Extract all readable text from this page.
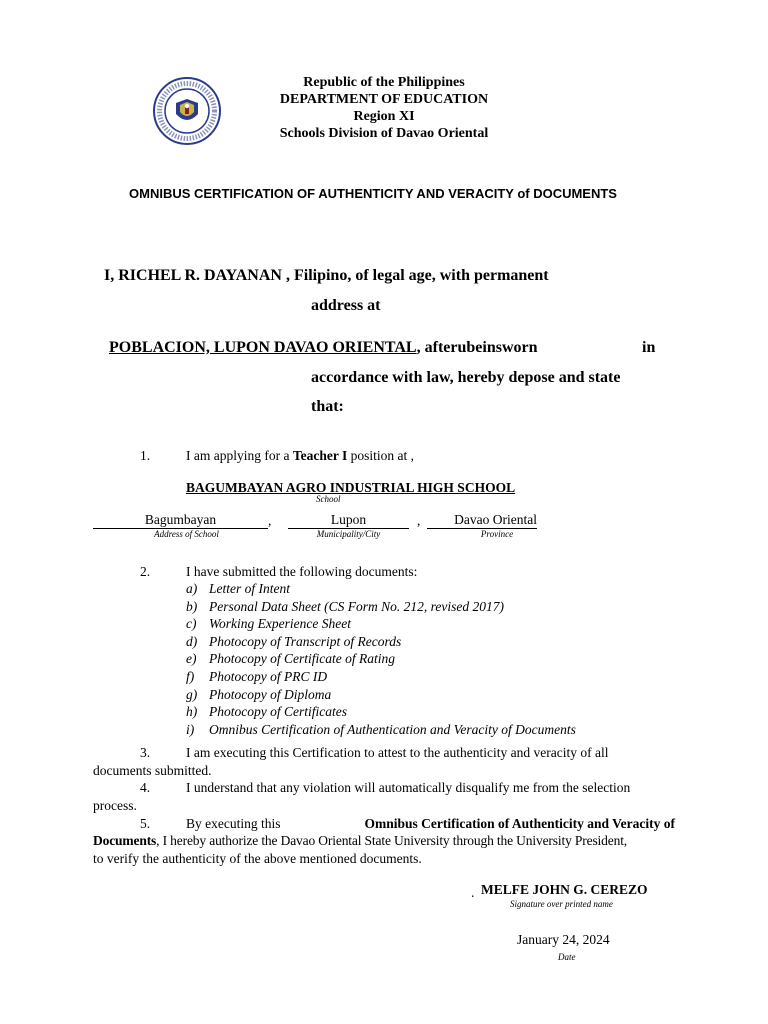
Republic of the Philippines
DEPARTMENT OF EDUCATION
Region XI
Schools Division of Davao Oriental
OMNIBUS CERTIFICATION OF AUTHENTICITY AND VERACITY of DOCUMENTS
I, RICHEL R. DAYANAN , Filipino, of legal age, with permanent
address at
POBLACION, LUPON DAVAO ORIENTAL, afterubeinsworn	in
accordance with law, hereby depose and state
that:
1.	I am applying for a Teacher I position at ,
BAGUMBAYAN AGRO INDUSTRIAL HIGH SCHOOL
School
Bagumbayan	,	Lupon	,	Davao Oriental
Address of School	Municipality/City	Province
2.	I have submitted the following documents:
a) Letter of Intent
b) Personal Data Sheet (CS Form No. 212, revised 2017)
c) Working Experience Sheet
d) Photocopy of Transcript of Records
e) Photocopy of Certificate of Rating
f) Photocopy of PRC ID
g) Photocopy of Diploma
h) Photocopy of Certificates
i) Omnibus Certification of Authentication and Veracity of Documents
3.	I am executing this Certification to attest to the authenticity and veracity of all
documents submitted.
4.	I understand that any violation will automatically disqualify me from the selection
process.
5.	By executing this	Omnibus Certification of Authenticity and Veracity of
Documents, I hereby authorize the Davao Oriental State University through the University President,
to verify the authenticity of the above mentioned documents.
. MELFE JOHN G. CEREZO
Signature over printed name
January 24, 2024
Date
